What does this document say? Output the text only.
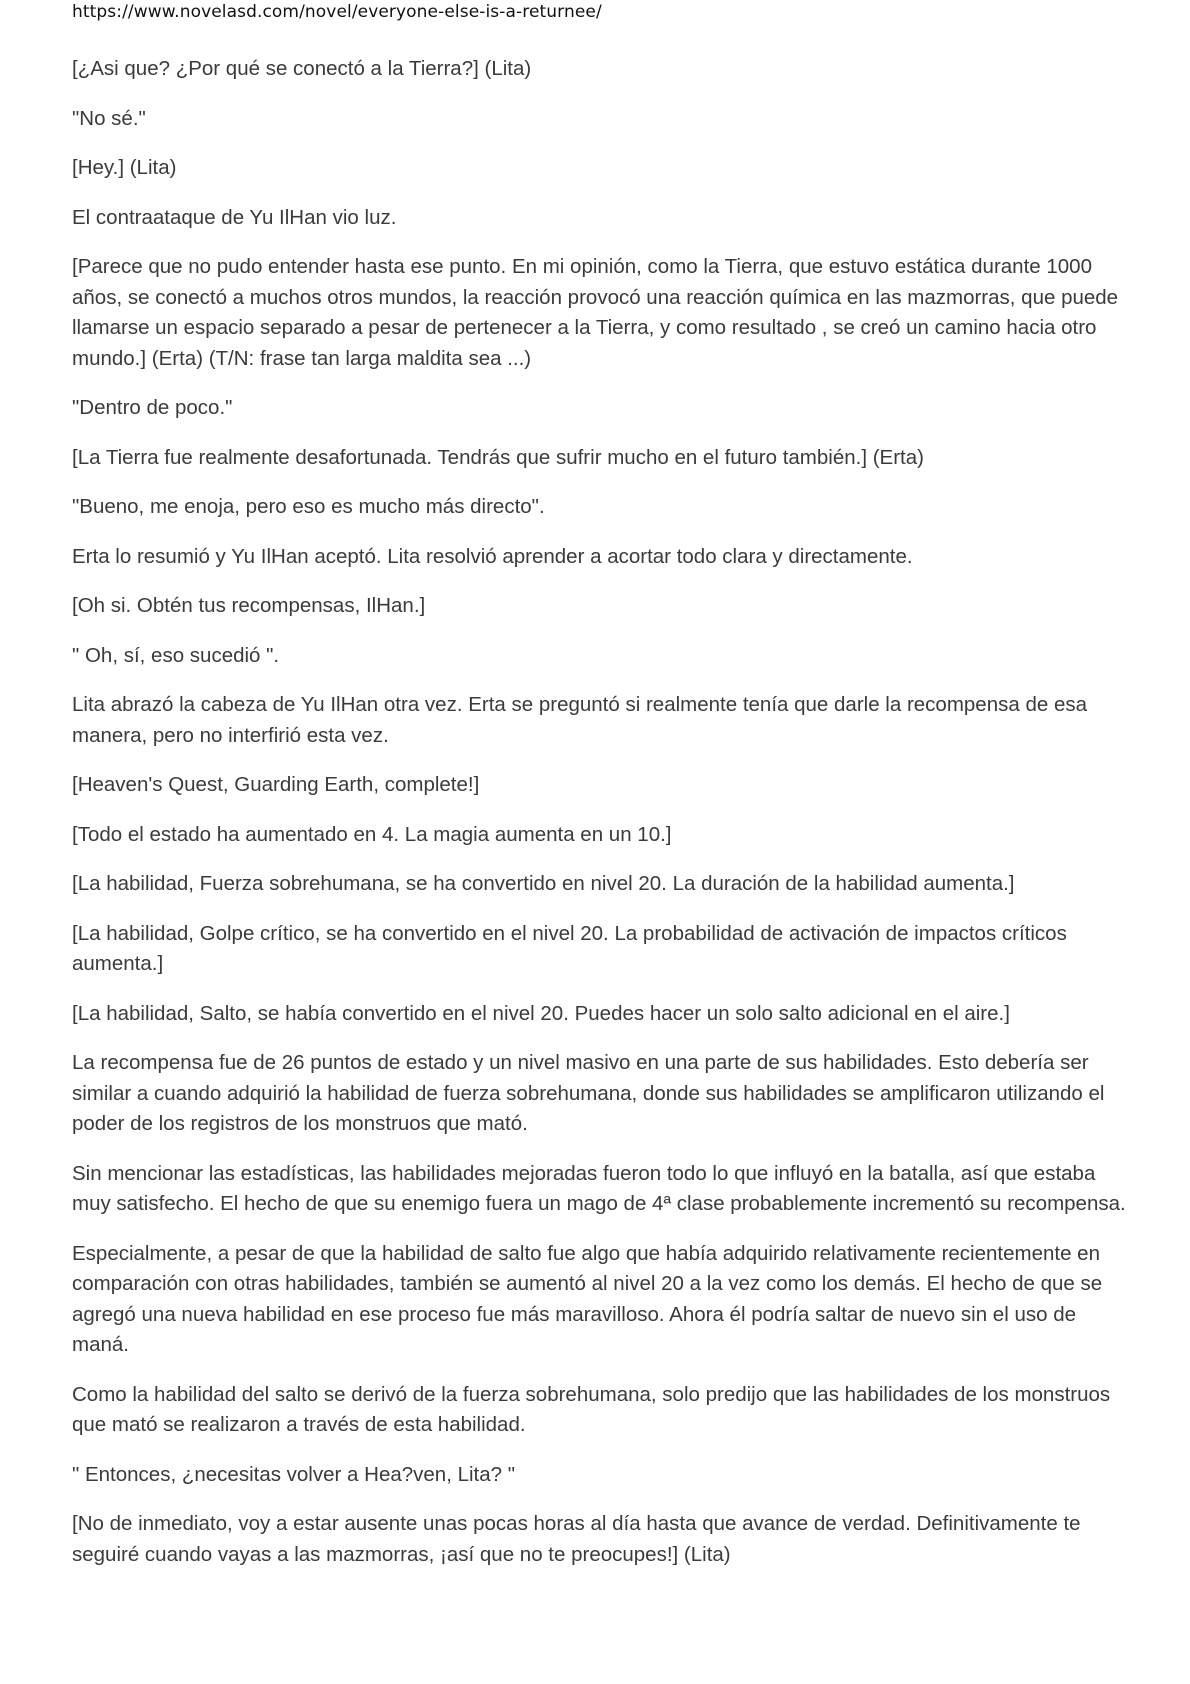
https://www.novelasd.com/novel/everyone-else-is-a-returnee/

[¿Asi que? ¿Por qué se conectó a la Tierra?] (Lita)

"No sé."

[Hey.] (Lita)

El contraataque de Yu IlHan vio luz.

[Parece que no pudo entender hasta ese punto. En mi opinión, como la Tierra, que estuvo estática durante 1000 años, se conectó a muchos otros mundos, la reacción provocó una reacción química en las mazmorras, que puede llamarse un espacio separado a pesar de pertenecer a la Tierra, y como resultado , se creó un camino hacia otro mundo.] (Erta) (T/N: frase tan larga maldita sea ...)

"Dentro de poco."

[La Tierra fue realmente desafortunada. Tendrás que sufrir mucho en el futuro también.] (Erta)

"Bueno, me enoja, pero eso es mucho más directo".

Erta lo resumió y Yu IlHan aceptó. Lita resolvió aprender a acortar todo clara y directamente.

[Oh si. Obtén tus recompensas, IlHan.]

" Oh, sí, eso sucedió ".

Lita abrazó la cabeza de Yu IlHan otra vez. Erta se preguntó si realmente tenía que darle la recompensa de esa manera, pero no interfirió esta vez.

[Heaven's Quest, Guarding Earth, complete!]

[Todo el estado ha aumentado en 4. La magia aumenta en un 10.]

[La habilidad, Fuerza sobrehumana, se ha convertido en nivel 20. La duración de la habilidad aumenta.]

[La habilidad, Golpe crítico, se ha convertido en el nivel 20. La probabilidad de activación de impactos críticos aumenta.]

[La habilidad, Salto, se había convertido en el nivel 20. Puedes hacer un solo salto adicional en el aire.]

La recompensa fue de 26 puntos de estado y un nivel masivo en una parte de sus habilidades. Esto debería ser similar a cuando adquirió la habilidad de fuerza sobrehumana, donde sus habilidades se amplificaron utilizando el poder de los registros de los monstruos que mató.

Sin mencionar las estadísticas, las habilidades mejoradas fueron todo lo que influyó en la batalla, así que estaba muy satisfecho. El hecho de que su enemigo fuera un mago de 4ª clase probablemente incrementó su recompensa.

Especialmente, a pesar de que la habilidad de salto fue algo que había adquirido relativamente recientemente en comparación con otras habilidades, también se aumentó al nivel 20 a la vez como los demás. El hecho de que se agregó una nueva habilidad en ese proceso fue más maravilloso. Ahora él podría saltar de nuevo sin el uso de maná.

Como la habilidad del salto se derivó de la fuerza sobrehumana, solo predijo que las habilidades de los monstruos que mató se realizaron a través de esta habilidad.

" Entonces, ¿necesitas volver a Hea?ven, Lita? "

[No de inmediato, voy a estar ausente unas pocas horas al día hasta que avance de verdad. Definitivamente te seguiré cuando vayas a las mazmorras, ¡así que no te preocupes!] (Lita)
